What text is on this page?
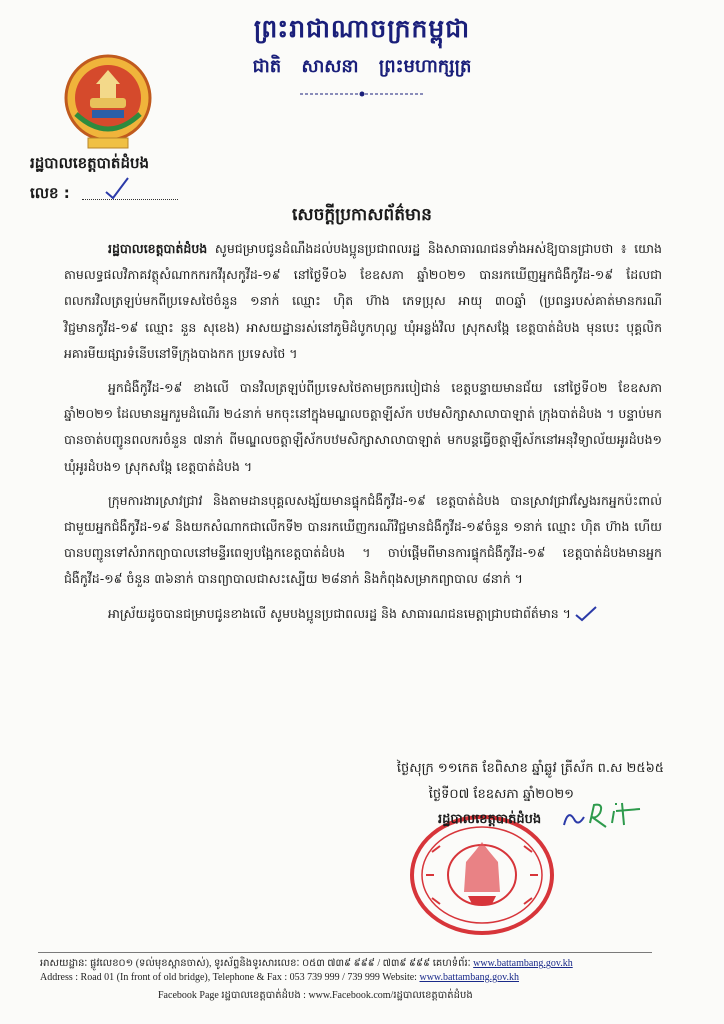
ព្រះរាជាណាចក្រកម្ពុជា
ជាតិ សាសនា ព្រះមហាក្សត្រ
រដ្ឋបាលខេត្តបាត់ដំបង
លេខ :
សេចក្តីប្រកាសព័ត៌មាន

រដ្ឋបាលខេត្តបាត់ដំបង សូមជម្រាបជូនដំណឹងដល់បងប្អូនប្រជាពលរដ្ឋ និងសាធារណជនទាំងអស់ឱ្យបានជ្រាបថា ៖ យោងតាមលទ្ធផលវិភាគវត្ថុសំណាកករកវីរុសកូវីដ-១៩ នៅថ្ងៃទី០៦ ខែឧសភា ឆ្នាំ២០២១ បានរកឃើញអ្នកជំងឺកូវីដ-១៩ ដែលជាពលករវិលត្រឡប់មកពីប្រទេសថៃចំនួន ១នាក់ ឈ្មោះ ហ៊ិត ហ៊ាង ភេទប្រុស អាយុ ៣០ឆ្នាំ (ប្រពន្ធរបស់គាត់មានករណីវិជ្ជមានកូវីដ-១៩ ឈ្មោះ នួន សុខេង) អាសយដ្ឋានរស់នៅភូមិដំបូកហុល្ល ឃុំអន្លង់វិល ស្រុកសង្កែ ខេត្តបាត់ដំបង មុនបេះ បុគ្គលិកអគារមីយផ្សារទំនើបនៅទីក្រុងបាងកក ប្រទេសថៃ ។

អ្នកជំងឺកូវីដ-១៩ ខាងលើ បានវិលត្រឡប់ពីប្រទេសថៃតាមច្រករបៀជាន់ ខេត្តបន្ទាយមានជ័យ នៅថ្ងៃទី០២ ខែឧសភា ឆ្នាំ២០២១ ដែលមានអ្នករួមដំណើរ ២៤នាក់ មកចុះនៅក្នុងមណ្ឌលចត្តាឡីស័ក បឋមសិក្សាសាលាបាឡាត់ ក្រុងបាត់ដំបង ។ បន្ទាប់មកបានចាត់បញ្ជូនពលករចំនួន ៧នាក់ ពីមណ្ឌលចត្តាឡីស័កបឋមសិក្សាសាលាបាឡាត់ មកបន្តធ្វើចត្តាឡីស័កនៅអនុវិទ្យាល័យអូរដំបង១ ឃុំអូរដំបង១ ស្រុកសង្កែ ខេត្តបាត់ដំបង ។

ក្រុមការងារស្រាវជ្រាវ និងតាមដានបុគ្គលសង្ស័យមានផ្ទុកជំងឺកូវីដ-១៩ ខេត្តបាត់ដំបង បានស្រាវជ្រាវស្វែងរកអ្នកប៉ះពាល់ជាមួយអ្នកជំងឺកូវីដ-១៩ និងយកសំណាកជាលើកទី២ បានរកឃើញករណីវិជ្ជមានជំងឺកូវីដ-១៩ចំនួន ១នាក់ ឈ្មោះ ហ៊ិត ហ៊ាង ហើយបានបញ្ជូនទៅសំរាកព្យាបាលនៅមន្ទីរពេទ្យបង្អែកខេត្តបាត់ដំបង ។ ចាប់ផ្តើមពីមានការផ្ទុកជំងឺកូវីដ-១៩ ខេត្តបាត់ដំបងមានអ្នកជំងឺកូវីដ-១៩ ចំនួន ៣៦នាក់ បានព្យាបាលជាសះស្បើយ ២៨នាក់ និងកំពុងសម្រាកព្យាបាល ៨នាក់ ។

អាស្រ័យដូចបានជម្រាបជូនខាងលើ សូមបងប្អូនប្រជាពលរដ្ឋ និង សាធារណជនមេត្តាជ្រាបជាព័ត៌មាន ។

ថ្ងៃសុក្រ ១១កេត ខែពិសាខ ឆ្នាំឆ្លូវ ត្រីស័ក ព.ស ២៥៦៥
ថ្ងៃទី០៧ ខែឧសភា ឆ្នាំ២០២១
រដ្ឋបាលខេត្តបាត់ដំបង
អាសយដ្ឋានៈ ផ្លូវលេខ០១ (ទល់មុខស្ពានចាស់), ទូរស័ព្ទនិងទូរសារលេខៈ ០៥៣ ៧៣៩ ៩៩៩ / ៧៣៩ ៩៩៩ គេហទំព័រៈ www.battambang.gov.kh
Address : Road 01 (In front of old bridge), Telephone & Fax : 053 739 999 / 739 999 Website: www.battambang.gov.kh
Facebook Page រដ្ឋបាលខេត្តបាត់ដំបង : www.Facebook.com/រដ្ឋបាលខេត្តបាត់ដំបង
